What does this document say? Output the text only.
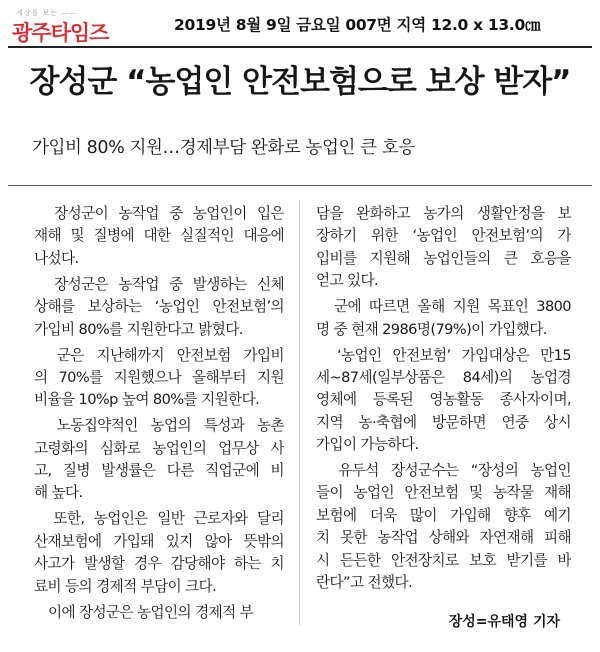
세상을 보는 ——
광주타임즈	2019년 8월 9일 금요일 007면 지역 12.0 x 13.0㎝
장성군 “농업인 안전보험으로 보상 받자”
가입비 80% 지원…경제부담 완화로 농업인 큰 호응
　장성군이 농작업 중 농업인이 입은
재해 및 질병에 대한 실질적인 대응에
나섰다.
　장성군은 농작업 중 발생하는 신체
상해를 보상하는 ‘농업인 안전보험’의
가입비 80%를 지원한다고 밝혔다.
　군은 지난해까지 안전보험 가입비
의 70%를 지원했으나 올해부터 지원
비율을 10%p 높여 80%를 지원한다.
　노동집약적인 농업의 특성과 농촌
고령화의 심화로 농업인의 업무상 사
고, 질병 발생률은 다른 직업군에 비
해 높다.
　또한, 농업인은 일반 근로자와 달리
산재보험에 가입돼 있지 않아 뜻밖의
사고가 발생할 경우 감당해야 하는 치
료비 등의 경제적 부담이 크다.
　이에 장성군은 농업인의 경제적 부
담을 완화하고 농가의 생활안정을 보
장하기 위한 ‘농업인 안전보험’의 가
입비를 지원해 농업인들의 큰 호응을
얻고 있다.
　군에 따르면 올해 지원 목표인 3800
명 중 현재 2986명(79%)이 가입했다.
　‘농업인 안전보험’ 가입대상은 만15
세~87세(일부상품은 84세)의 농업경
영체에 등록된 영농활동 종사자이며,
지역 농·축협에 방문하면 연중 상시
가입이 가능하다.
　유두석 장성군수는 “장성의 농업인
들이 농업인 안전보험 및 농작물 재해
보험에 더욱 많이 가입해 향후 예기
치 못한 농작업 상해와 자연재해 피해
시 든든한 안전장치로 보호 받기를 바
란다”고 전했다.
장성=유태영 기자
